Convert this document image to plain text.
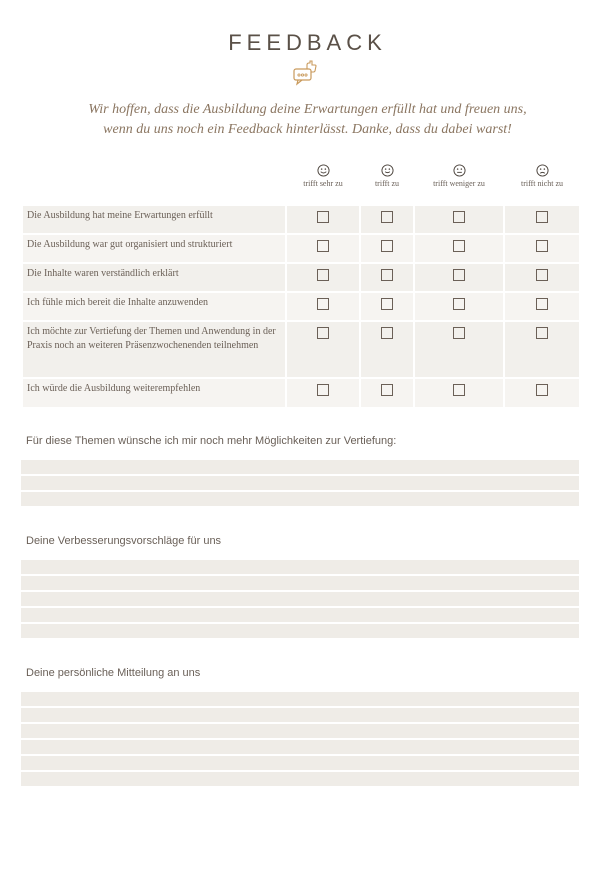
FEEDBACK
Wir hoffen, dass die Ausbildung deine Erwartungen erfüllt hat und freuen uns,
wenn du uns noch ein Feedback hinterlässt. Danke, dass du dabei warst!
trifft sehr zu	trifft zu	trifft weniger zu	trifft nicht zu
Die Ausbildung hat meine Erwartungen erfüllt				
Die Ausbildung war gut organisiert und strukturiert				
Die Inhalte waren verständlich erklärt				
Ich fühle mich bereit die Inhalte anzuwenden				
Ich möchte zur Vertiefung der Themen und Anwendung in der Praxis noch an weiteren Präsenzwochenenden teilnehmen				
Ich würde die Ausbildung weiterempfehlen				
Für diese Themen wünsche ich mir noch mehr Möglichkeiten zur Vertiefung:
Deine Verbesserungsvorschläge für uns
Deine persönliche Mitteilung an uns
